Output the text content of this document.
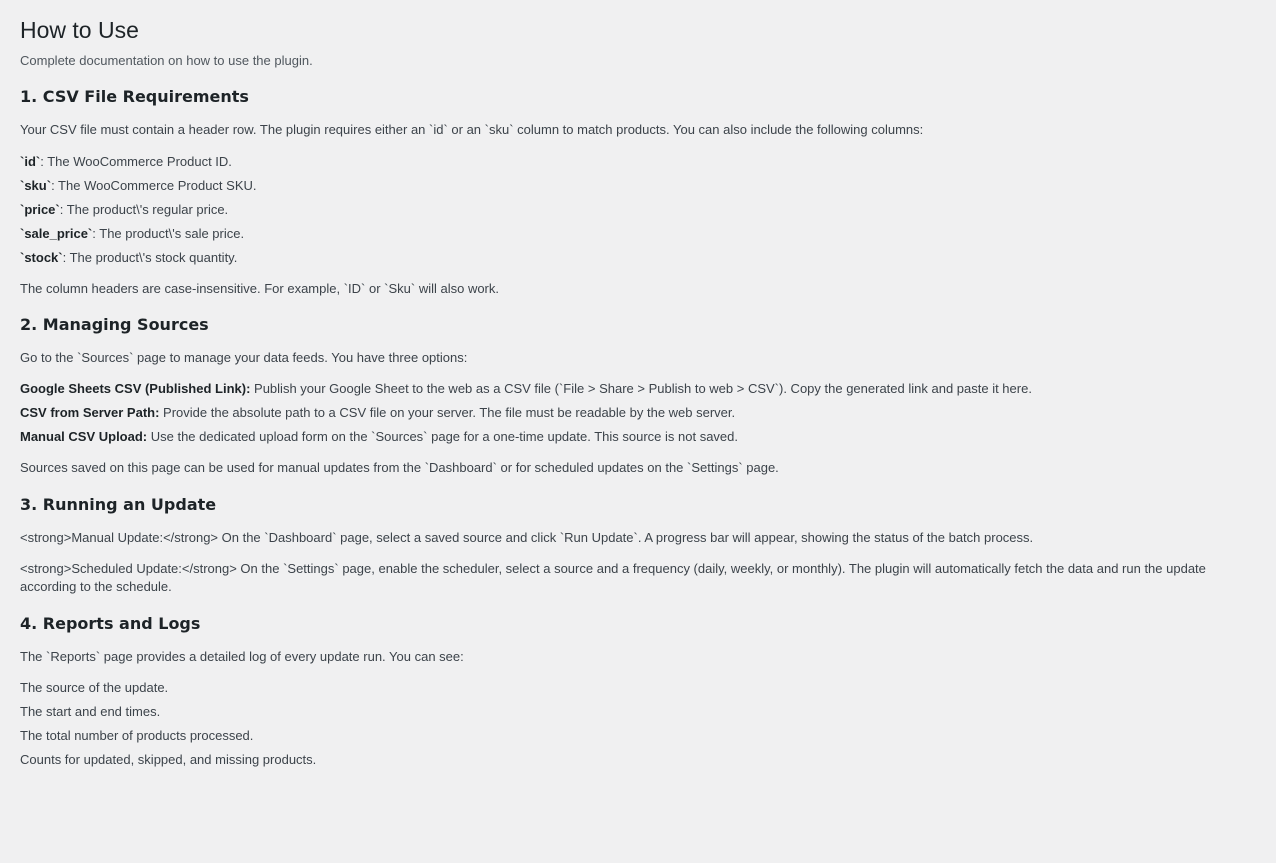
How to Use

Complete documentation on how to use the plugin.

1. CSV File Requirements

Your CSV file must contain a header row. The plugin requires either an `id` or an `sku` column to match products. You can also include the following columns:

`id`: The WooCommerce Product ID.
`sku`: The WooCommerce Product SKU.
`price`: The product\'s regular price.
`sale_price`: The product\'s sale price.
`stock`: The product\'s stock quantity.

The column headers are case-insensitive. For example, `ID` or `Sku` will also work.

2. Managing Sources

Go to the `Sources` page to manage your data feeds. You have three options:

Google Sheets CSV (Published Link): Publish your Google Sheet to the web as a CSV file (`File > Share > Publish to web > CSV`). Copy the generated link and paste it here.
CSV from Server Path: Provide the absolute path to a CSV file on your server. The file must be readable by the web server.
Manual CSV Upload: Use the dedicated upload form on the `Sources` page for a one-time update. This source is not saved.

Sources saved on this page can be used for manual updates from the `Dashboard` or for scheduled updates on the `Settings` page.

3. Running an Update

<strong>Manual Update:</strong> On the `Dashboard` page, select a saved source and click `Run Update`. A progress bar will appear, showing the status of the batch process.

<strong>Scheduled Update:</strong> On the `Settings` page, enable the scheduler, select a source and a frequency (daily, weekly, or monthly). The plugin will automatically fetch the data and run the update according to the schedule.

4. Reports and Logs

The `Reports` page provides a detailed log of every update run. You can see:

The source of the update.
The start and end times.
The total number of products processed.
Counts for updated, skipped, and missing products.
